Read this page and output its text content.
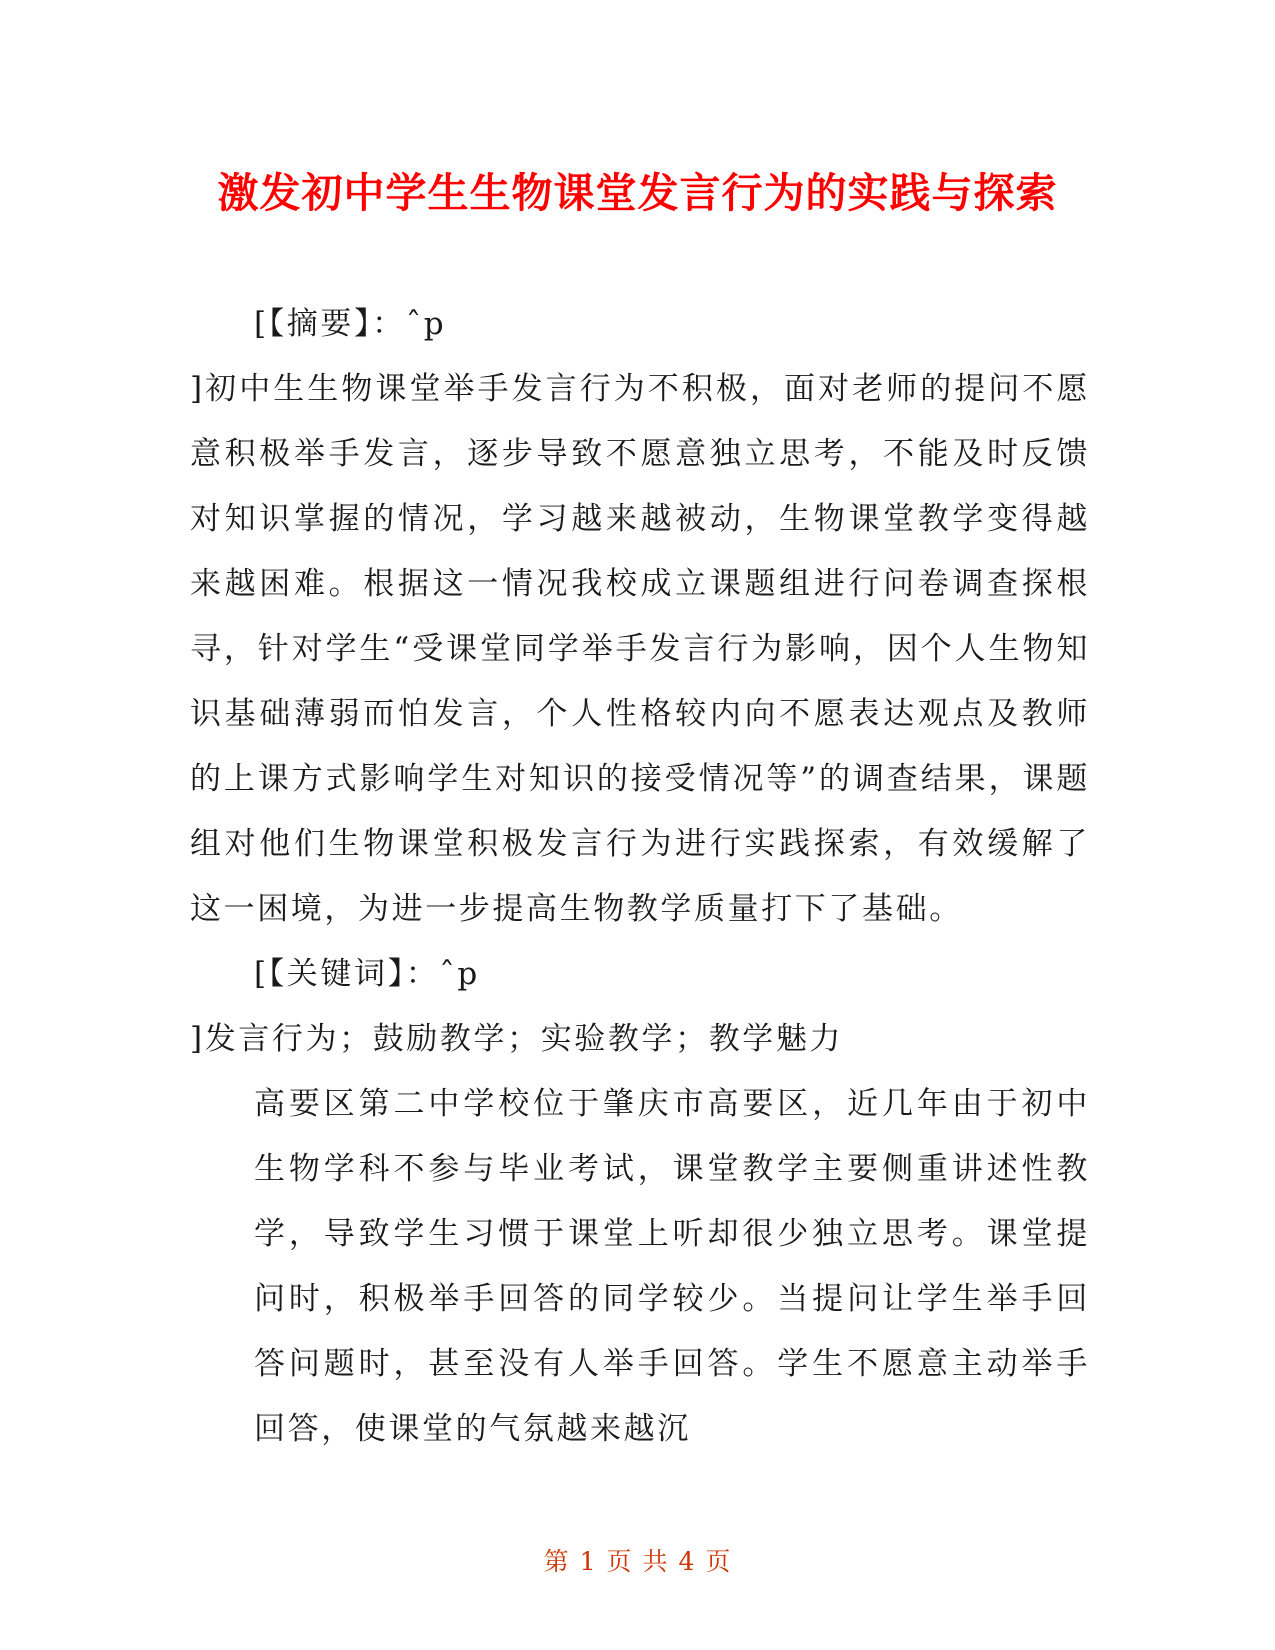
激发初中学生生物课堂发言行为的实践与探索

[【摘要】：ˆp

]初中生生物课堂举手发言行为不积极，面对老师的提问不愿意积极举手发言，逐步导致不愿意独立思考，不能及时反馈对知识掌握的情况，学习越来越被动，生物课堂教学变得越来越困难。根据这一情况我校成立课题组进行问卷调查探根寻，针对学生“受课堂同学举手发言行为影响，因个人生物知识基础薄弱而怕发言，个人性格较内向不愿表达观点及教师的上课方式影响学生对知识的接受情况等”的调查结果，课题组对他们生物课堂积极发言行为进行实践探索，有效缓解了这一困境，为进一步提高生物教学质量打下了基础。

[【关键词】：ˆp

]发言行为；鼓励教学；实验教学；教学魅力

高要区第二中学校位于肇庆市高要区，近几年由于初中生物学科不参与毕业考试，课堂教学主要侧重讲述性教学，导致学生习惯于课堂上听却很少独立思考。课堂提问时，积极举手回答的同学较少。当提问让学生举手回答问题时，甚至没有人举手回答。学生不愿意主动举手回答，使课堂的气氛越来越沉

第 1 页 共 4 页
